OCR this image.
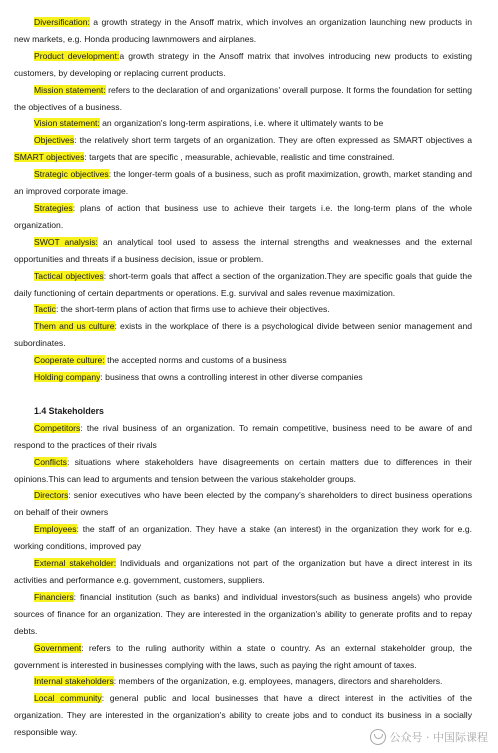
Diversification: a growth strategy in the Ansoff matrix, which involves an organization launching new products in new markets, e.g. Honda producing lawnmowers and airplanes.

Product development:a growth strategy in the Ansoff matrix that involves introducing new products to existing customers, by developing or replacing current products.

Mission statement: refers to the declaration of and organizations' overall purpose. It forms the foundation for setting the objectives of a business.

Vision statement: an organization's long-term aspirations, i.e. where it ultimately wants to be

Objectives: the relatively short term targets of an organization. They are often expressed as SMART objectives a SMART objectives: targets that are specific , measurable, achievable, realistic and time constrained.

Strategic objectives: the longer-term goals of a business, such as profit maximization, growth, market standing and an improved corporate image.

Strategies: plans of action that business use to achieve their targets i.e. the long-term plans of the whole organization.

SWOT analysis: an analytical tool used to assess the internal strengths and weaknesses and the external opportunities and threats if a business decision, issue or problem.

Tactical objectives: short-term goals that affect a section of the organization.They are specific goals that guide the daily functioning of certain departments or operations. E.g. survival and sales revenue maximization.

Tactic: the short-term plans of action that firms use to achieve their objectives.

Them and us culture: exists in the workplace of there is a psychological divide between senior management and subordinates.

Cooperate culture: the accepted norms and customs of a business

Holding company: business that owns a controlling interest in other diverse companies

1.4 Stakeholders

Competitors: the rival business of an organization. To remain competitive, business need to be aware of and respond to the practices of their rivals

Conflicts: situations where stakeholders have disagreements on certain matters due to differences in their opinions.This can lead to arguments and tension between the various stakeholder groups.

Directors: senior executives who have been elected by the company's shareholders to direct business operations on behalf of their owners

Employees: the staff of an organization. They have a stake (an interest) in the organization they work for e.g. working conditions, improved pay

External stakeholder: Individuals and organizations not part of the organization but have a direct interest in its activities and performance e.g. government, customers, suppliers.

Financiers: financial institution (such as banks) and individual investors(such as business angels) who provide sources of finance for an organization. They are interested in the organization's ability to generate profits and to repay debts.

Government: refers to the ruling authority within a state o country. As an external stakeholder group, the government is interested in businesses complying with the laws, such as paying the right amount of taxes.

Internal stakeholders: members of the organization, e.g. employees, managers, directors and shareholders.

Local community: general public and local businesses that have a direct interest in the activities of the organization. They are interested in the organization's ability to create jobs and to conduct its business in a socially responsible way.	公众号 · 中国际课程
